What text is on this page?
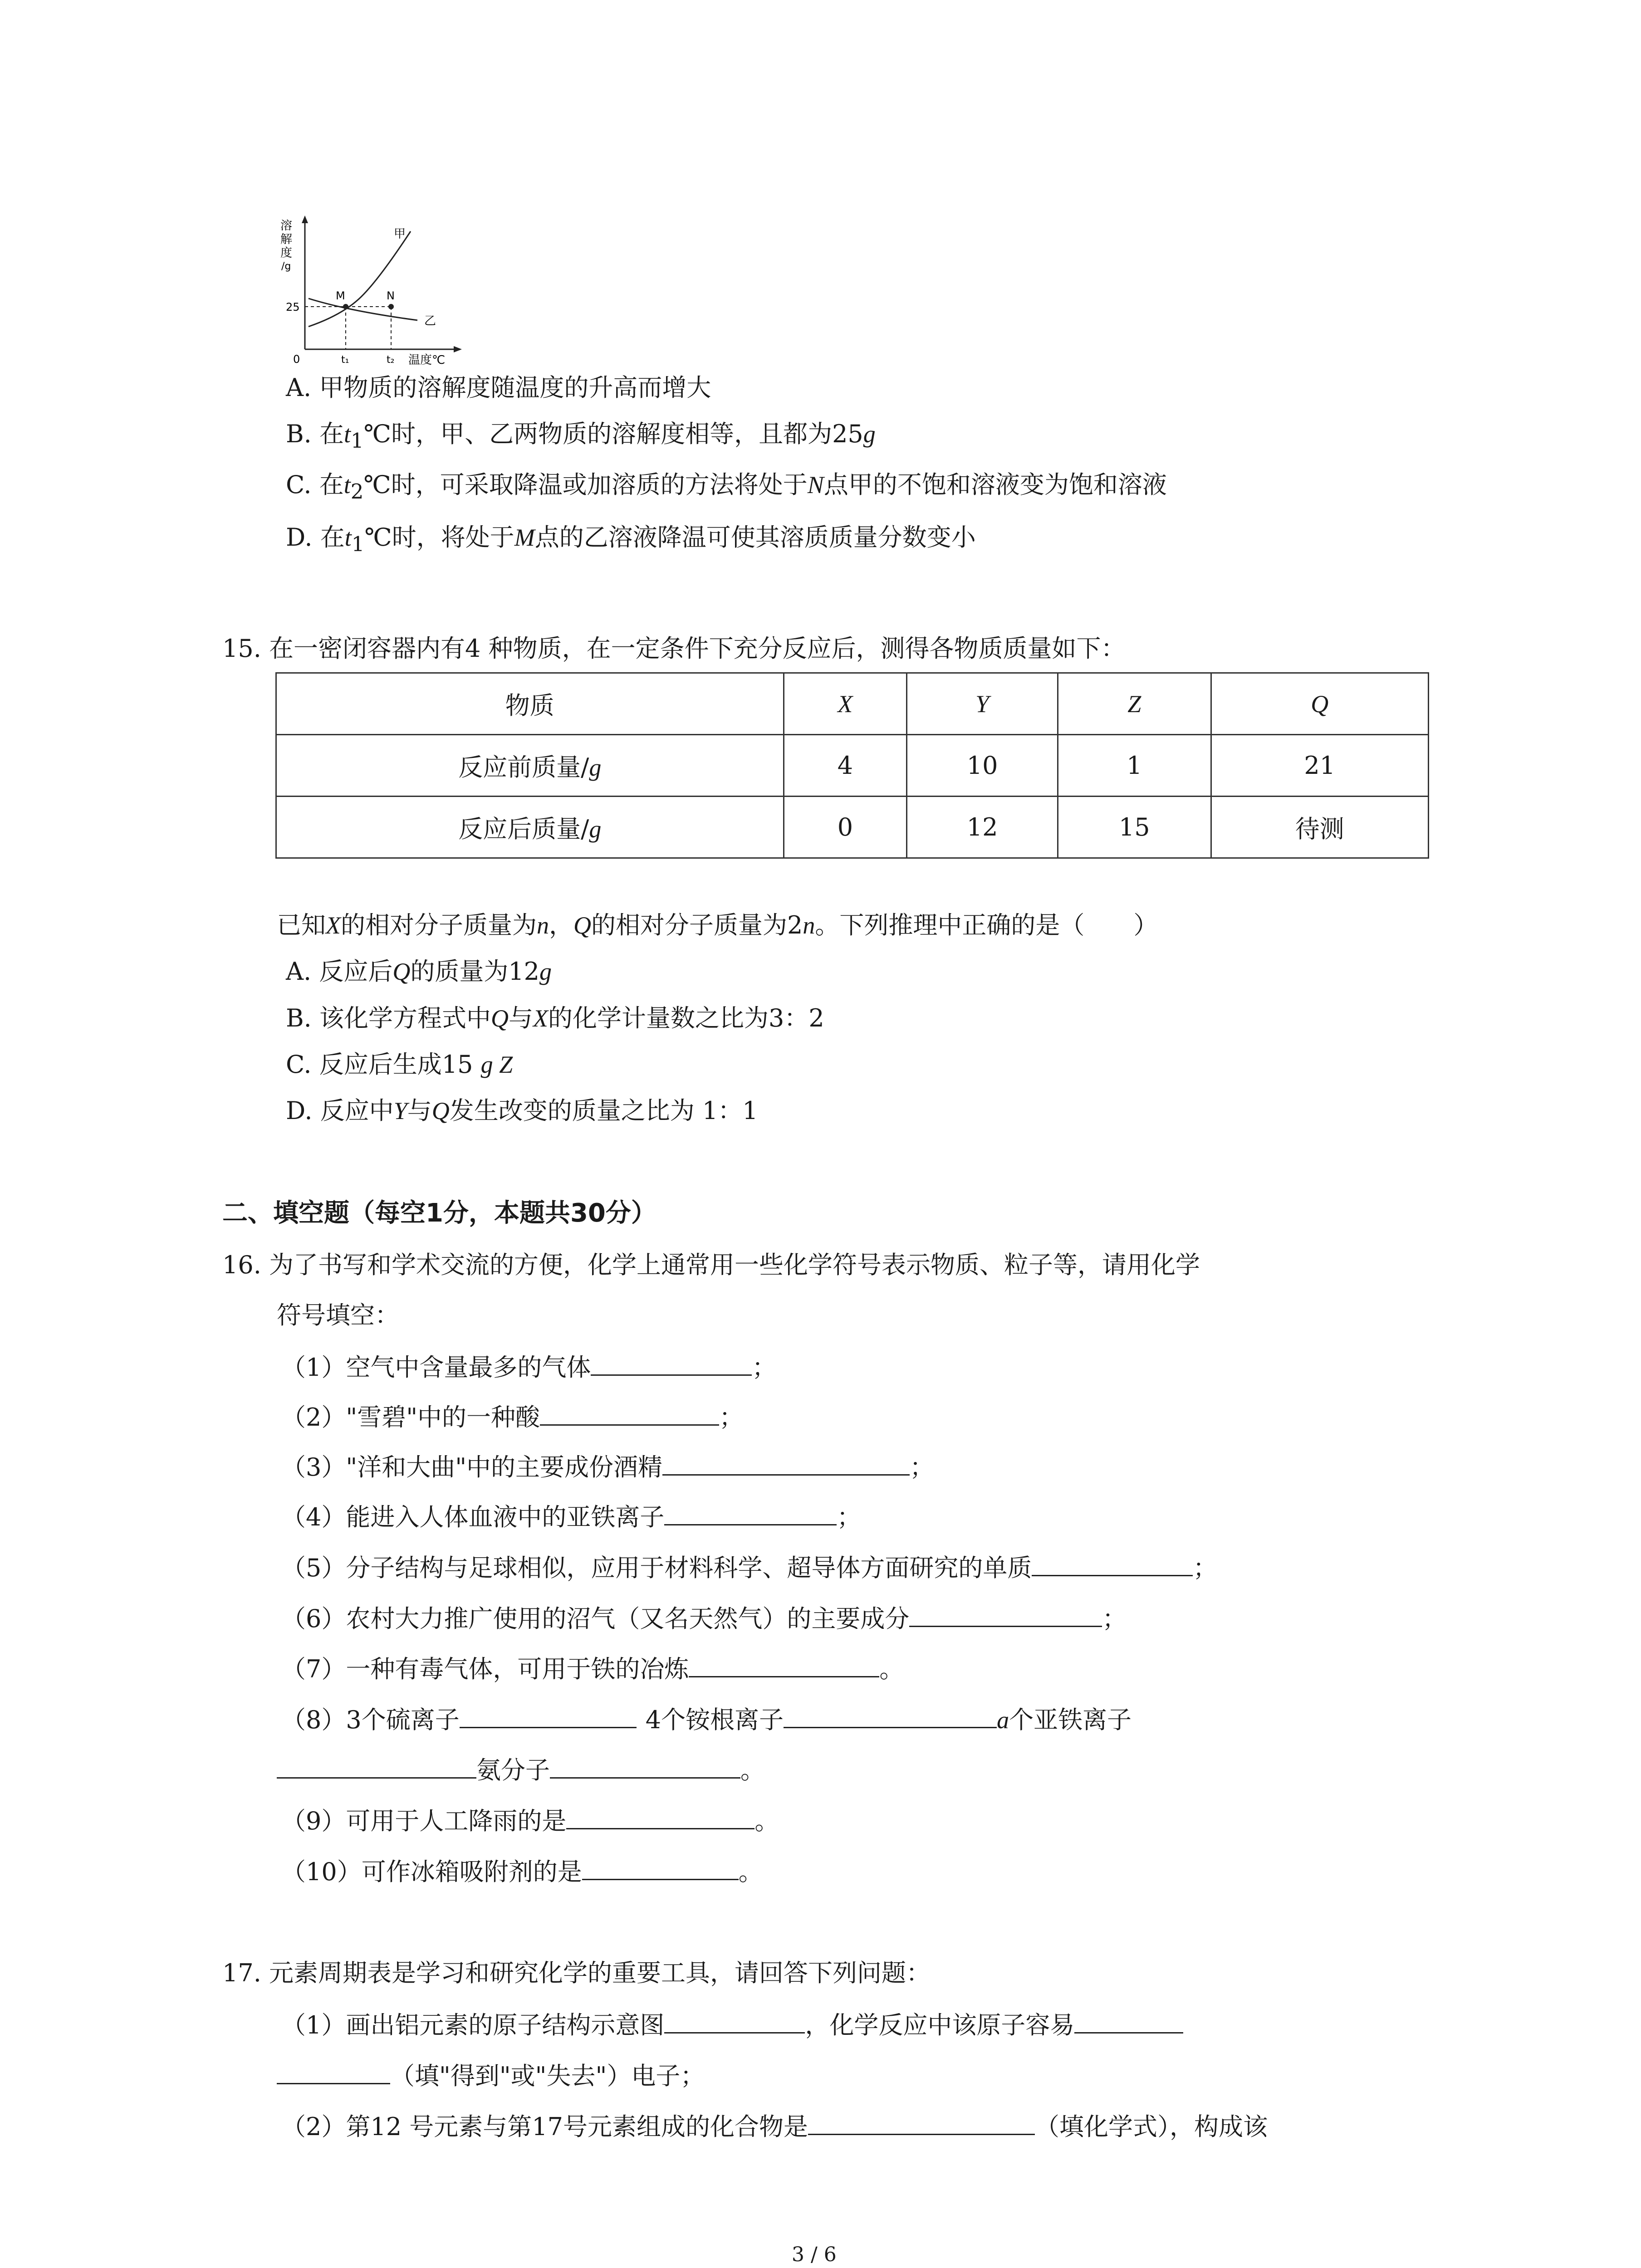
溶
解
度
/g
25
0	t₁	t₂ 温度℃
甲
乙
M	N
A. 甲物质的溶解度随温度的升高而增大
B. 在$t_1℃$时，甲、乙两物质的溶解度相等，且都为25g
C. 在$t_2℃$时，可采取降温或加溶质的方法将处于N点甲的不饱和溶液变为饱和溶液
D. 在$t_1℃$时，将处于M点的乙溶液降温可使其溶质质量分数变小
15. 在一密闭容器内有4 种物质，在一定条件下充分反应后，测得各物质质量如下：
物质	X	Y	Z	Q
反应前质量/g	4	10	1	21
反应后质量/g	0	12	15	待测
已知X的相对分子质量为n，Q的相对分子质量为2n。下列推理中正确的是（　　）
A. 反应后Q的质量为12g
B. 该化学方程式中Q与X的化学计量数之比为3：2
C. 反应后生成15 g Z
D. 反应中Y与Q发生改变的质量之比为 1：1
二、填空题（每空1分，本题共30分）
16. 为了书写和学术交流的方便，化学上通常用一些化学符号表示物质、粒子等，请用化学
符号填空：
（1）空气中含量最多的气体	；
（2）"雪碧"中的一种酸	；
（3）"洋和大曲"中的主要成份酒精	；
（4）能进入人体血液中的亚铁离子	；
（5）分子结构与足球相似，应用于材料科学、超导体方面研究的单质	；
（6）农村大力推广使用的沼气（又名天然气）的主要成分	；
（7）一种有毒气体，可用于铁的冶炼	。
（8）3个硫离子	4个铵根离子	a个亚铁离子
氨分子	。
（9）可用于人工降雨的是	。
（10）可作冰箱吸附剂的是	。
17. 元素周期表是学习和研究化学的重要工具，请回答下列问题：
（1）画出铝元素的原子结构示意图	，化学反应中该原子容易
（填"得到"或"失去"）电子；
（2）第12 号元素与第17号元素组成的化合物是	（填化学式），构成该
3 / 6
